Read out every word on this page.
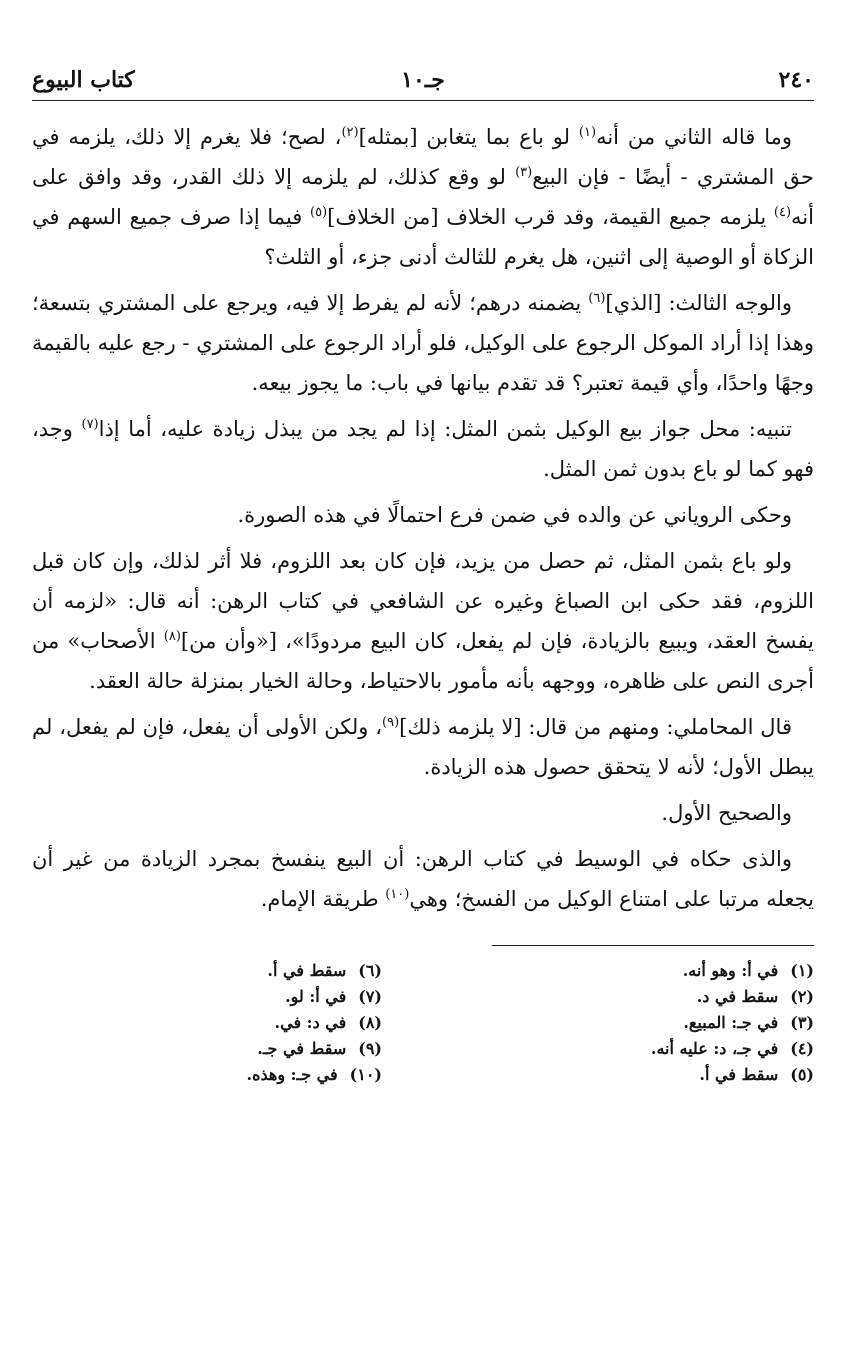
٢٤٠
جـ١٠
كتاب البيوع

وما قاله الثاني من أنه$^{(١)}$ لو باع بما يتغابن [بمثله]$^{(٢)}$، لصح؛ فلا يغرم إلا ذلك، يلزمه في حق المشتري - أيضًا - فإن البيع$^{(٣)}$ لو وقع كذلك، لم يلزمه إلا ذلك القدر، وقد وافق على أنه$^{(٤)}$ يلزمه جميع القيمة، وقد قرب الخلاف [من الخلاف]$^{(٥)}$ فيما إذا صرف جميع السهم في الزكاة أو الوصية إلى اثنين، هل يغرم للثالث أدنى جزء، أو الثلث؟

والوجه الثالث: [الذي]$^{(٦)}$ يضمنه درهم؛ لأنه لم يفرط إلا فيه، ويرجع على المشتري بتسعة؛ وهذا إذا أراد الموكل الرجوع على الوكيل، فلو أراد الرجوع على المشتري - رجع عليه بالقيمة وجهًا واحدًا، وأي قيمة تعتبر؟ قد تقدم بيانها في باب: ما يجوز بيعه.

تنبيه: محل جواز بيع الوكيل بثمن المثل: إذا لم يجد من يبذل زيادة عليه، أما إذا$^{(٧)}$ وجد، فهو كما لو باع بدون ثمن المثل.

وحكى الروياني عن والده في ضمن فرع احتمالًا في هذه الصورة.

ولو باع بثمن المثل، ثم حصل من يزيد، فإن كان بعد اللزوم، فلا أثر لذلك، وإن كان قبل اللزوم، فقد حكى ابن الصباغ وغيره عن الشافعي في كتاب الرهن: أنه قال: «لزمه أن يفسخ العقد، ويبيع بالزيادة، فإن لم يفعل، كان البيع مردودًا»، [«وأن من]$^{(٨)}$ الأصحاب» من أجرى النص على ظاهره، ووجهه بأنه مأمور بالاحتياط، وحالة الخيار بمنزلة حالة العقد.

قال المحاملي: ومنهم من قال: [لا يلزمه ذلك]$^{(٩)}$، ولكن الأولى أن يفعل، فإن لم يفعل، لم يبطل الأول؛ لأنه لا يتحقق حصول هذه الزيادة.

والصحيح الأول.

والذى حكاه في الوسيط في كتاب الرهن: أن البيع ينفسخ بمجرد الزيادة من غير أن يجعله مرتبا على امتناع الوكيل من الفسخ؛ وهي$^{(١٠)}$ طريقة الإمام.

(١)في أ: وهو أنه.
(٢)سقط في د.
(٣)في جـ: المبيع.
(٤)في جـ، د: عليه أنه.
(٥)سقط في أ.
(٦)سقط في أ.
(٧)في أ: لو.
(٨)في د: في.
(٩)سقط في جـ.
(١٠)في جـ: وهذه.
